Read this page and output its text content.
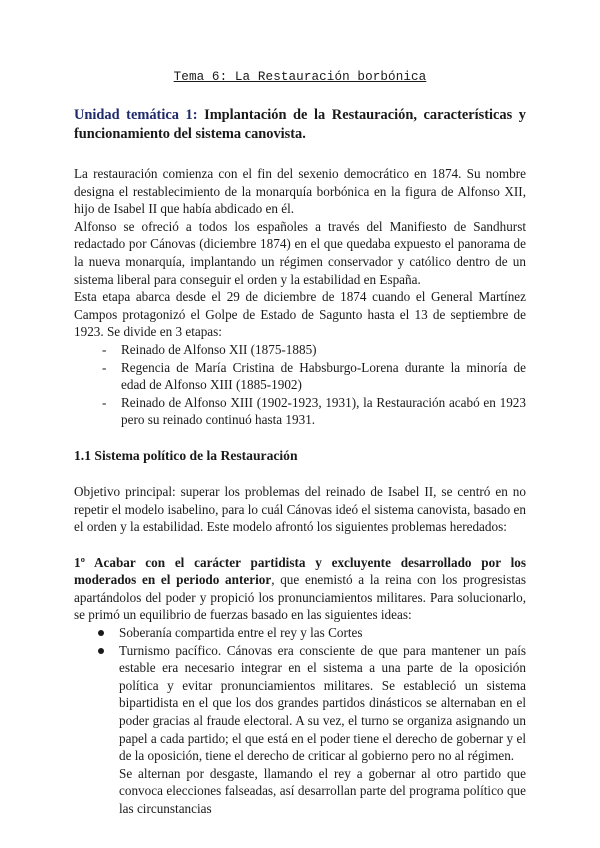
Tema 6: La Restauración borbónica
Unidad temática 1: Implantación de la Restauración, características y funcionamiento del sistema canovista.

La restauración comienza con el fin del sexenio democrático en 1874. Su nombre designa el restablecimiento de la monarquía borbónica en la figura de Alfonso XII, hijo de Isabel II que había abdicado en él.

Alfonso se ofreció a todos los españoles a través del Manifiesto de Sandhurst redactado por Cánovas (diciembre 1874) en el que quedaba expuesto el panorama de la nueva monarquía, implantando un régimen conservador y católico dentro de un sistema liberal para conseguir el orden y la estabilidad en España.

Esta etapa abarca desde el 29 de diciembre de 1874 cuando el General Martínez Campos protagonizó el Golpe de Estado de Sagunto hasta el 13 de septiembre de 1923. Se divide en 3 etapas:

- Reinado de Alfonso XII (1875-1885)
- Regencia de María Cristina de Habsburgo-Lorena durante la minoría de edad de Alfonso XIII (1885-1902)
- Reinado de Alfonso XIII (1902-1923, 1931), la Restauración acabó en 1923 pero su reinado continuó hasta 1931.
1.1 Sistema político de la Restauración

Objetivo principal: superar los problemas del reinado de Isabel II, se centró en no repetir el modelo isabelino, para lo cuál Cánovas ideó el sistema canovista, basado en el orden y la estabilidad. Este modelo afrontó los siguientes problemas heredados:

1º Acabar con el carácter partidista y excluyente desarrollado por los moderados en el periodo anterior, que enemistó a la reina con los progresistas apartándolos del poder y propició los pronunciamientos militares. Para solucionarlo, se primó un equilibrio de fuerzas basado en las siguientes ideas:

Soberanía compartida entre el rey y las Cortes
Turnismo pacífico. Cánovas era consciente de que para mantener un país estable era necesario integrar en el sistema a una parte de la oposición política y evitar pronunciamientos militares. Se estableció un sistema bipartidista en el que los dos grandes partidos dinásticos se alternaban en el poder gracias al fraude electoral. A su vez, el turno se organiza asignando un papel a cada partido; el que está en el poder tiene el derecho de gobernar y el de la oposición, tiene el derecho de criticar al gobierno pero no al régimen.
Se alternan por desgaste, llamando el rey a gobernar al otro partido que convoca elecciones falseadas, así desarrollan parte del programa político que las circunstancias
